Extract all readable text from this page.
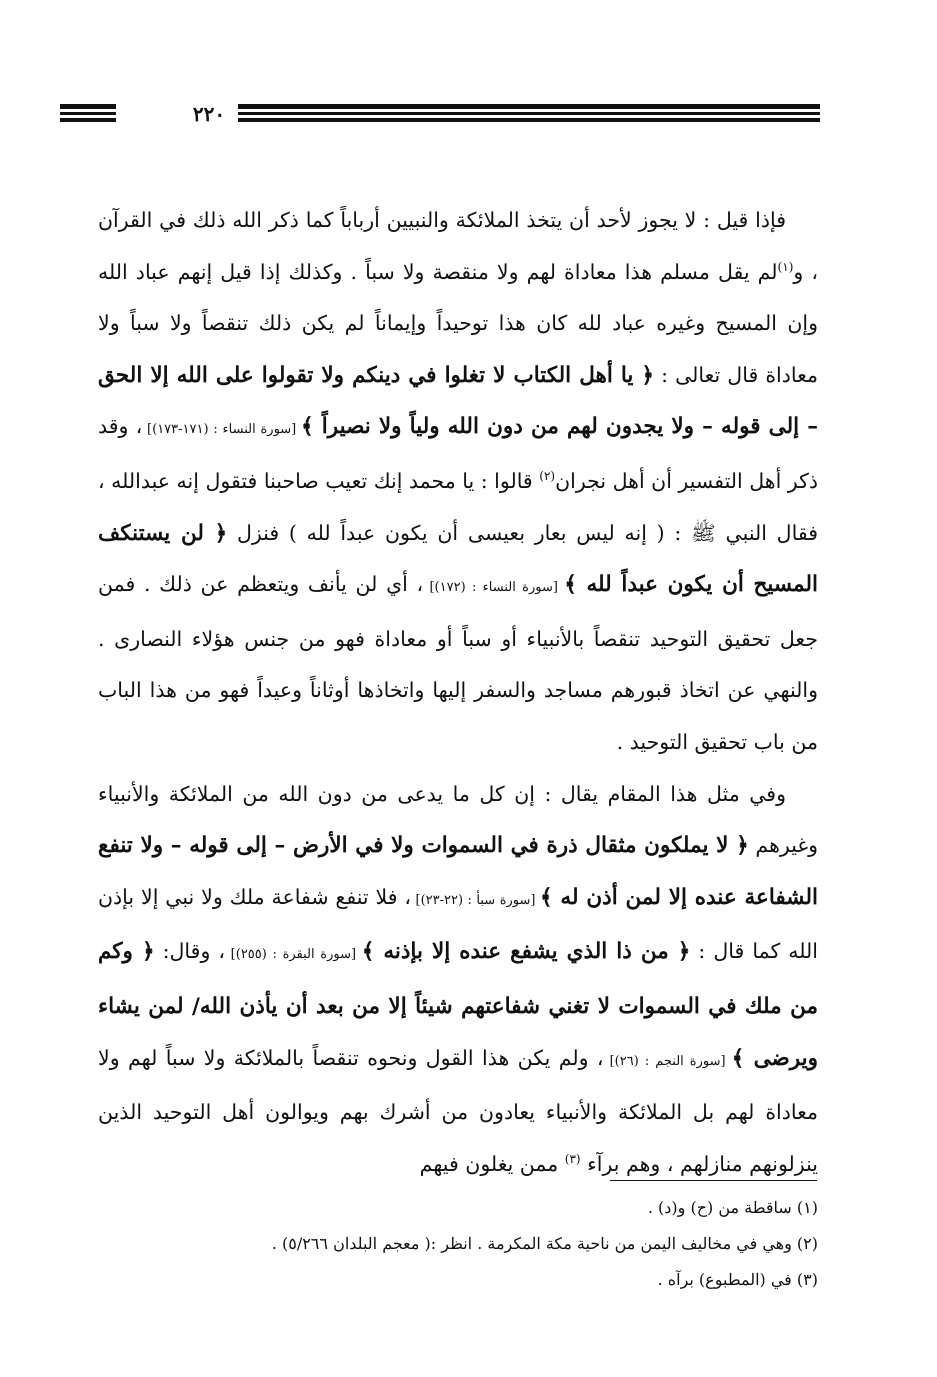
٢٢٠

فإذا قيل : لا يجوز لأحد أن يتخذ الملائكة والنبيين أرباباً كما ذكر الله ذلك في القرآن ، و$^{(١)}$لم يقل مسلم هذا معاداة لهم ولا منقصة ولا سباً . وكذلك إذا قيل إنهم عباد الله وإن المسيح وغيره عباد لله كان هذا توحيداً وإيماناً لم يكن ذلك تنقصاً ولا سباً ولا معاداة قال تعالى : ﴿ يا أهل الكتاب لا تغلوا في دينكم ولا تقولوا على الله إلا الحق – إلى قوله – ولا يجدون لهم من دون الله ولياً ولا نصيراً ﴾ [سورة النساء : (١٧١-١٧٣)] ، وقد ذكر أهل التفسير أن أهل نجران$^{(٢)}$ قالوا : يا محمد إنك تعيب صاحبنا فتقول إنه عبدالله ، فقال النبي ﷺ : ( إنه ليس بعار بعيسى أن يكون عبداً لله ) فنزل ﴿ لن يستنكف المسيح أن يكون عبداً لله ﴾ [سورة النساء : (١٧٢)] ، أي لن يأنف ويتعظم عن ذلك . فمن جعل تحقيق التوحيد تنقصاً بالأنبياء أو سباً أو معاداة فهو من جنس هؤلاء النصارى . والنهي عن اتخاذ قبورهم مساجد والسفر إليها واتخاذها أوثاناً وعيداً فهو من هذا الباب من باب تحقيق التوحيد .

وفي مثل هذا المقام يقال : إن كل ما يدعى من دون الله من الملائكة والأنبياء وغيرهم ﴿ لا يملكون مثقال ذرة في السموات ولا في الأرض – إلى قوله – ولا تنفع الشفاعة عنده إلا لمن أذن له ﴾ [سورة سبأ : (٢٢-٢٣)] ، فلا تنفع شفاعة ملك ولا نبي إلا بإذن الله كما قال : ﴿ من ذا الذي يشفع عنده إلا بإذنه ﴾ [سورة البقرة : (٢٥٥)] ، وقال: ﴿ وكم من ملك في السموات لا تغني شفاعتهم شيئاً إلا من بعد أن يأذن الله/ لمن يشاء ويرضى ﴾ [سورة النجم : (٢٦)] ، ولم يكن هذا القول ونحوه تنقصاً بالملائكة ولا سباً لهم ولا معاداة لهم بل الملائكة والأنبياء يعادون من أشرك بهم ويوالون أهل التوحيد الذين ينزلونهم منازلهم ، وهم برآء $^{(٣)}$ ممن يغلون فيهم

(١) ساقطة من (ح) و(د) .

(٢) وهي في مخاليف اليمن من ناحية مكة المكرمة . انظر :( معجم البلدان ٥/٢٦٦) .

(٣) في (المطبوع) برآه .
